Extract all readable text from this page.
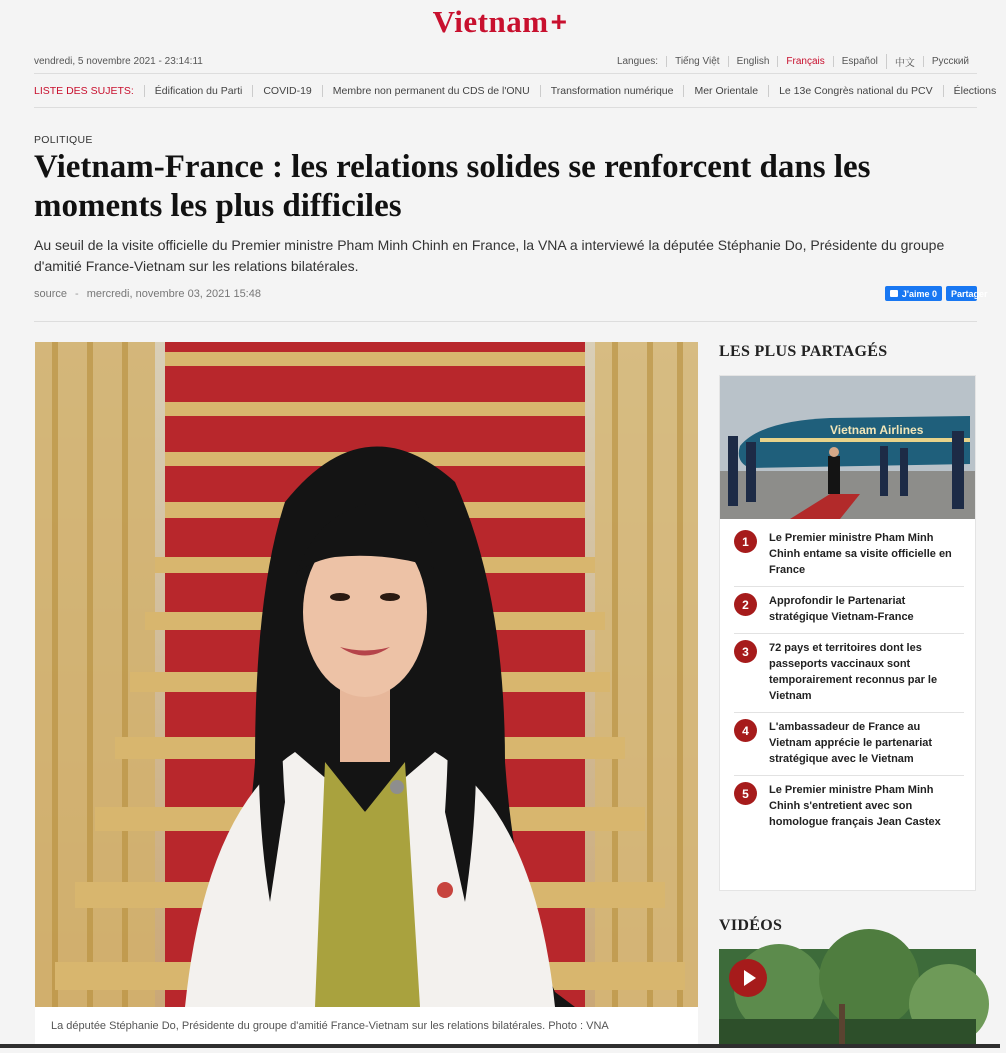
Vietnam +
vendredi, 5 novembre 2021 - 23:14:11	Langues:	Tiếng Việt	English	Français	Español	中文	Русский
LISTE DES SUJETS:	Édification du Parti	COVID-19	Membre non permanent du CDS de l'ONU	Transformation numérique	Mer Orientale	Le 13e Congrès national du PCV	Élections
POLITIQUE
Vietnam-France : les relations solides se renforcent dans les moments les plus difficiles
Au seuil de la visite officielle du Premier ministre Pham Minh Chinh en France, la VNA a interviewé la députée Stéphanie Do, Présidente du groupe d'amitié France-Vietnam sur les relations bilatérales.
source - mercredi, novembre 03, 2021 15:48	J'aime 0 Partager
La députée Stéphanie Do, Présidente du groupe d'amitié France-Vietnam sur les relations bilatérales. Photo : VNA
LES PLUS PARTAGÉS
Vietnam Airlines
1	Le Premier ministre Pham Minh Chinh entame sa visite officielle en France
2	Approfondir le Partenariat stratégique Vietnam-France
3	72 pays et territoires dont les passeports vaccinaux sont temporairement reconnus par le Vietnam
4	L'ambassadeur de France au Vietnam apprécie le partenariat stratégique avec le Vietnam
5	Le Premier ministre Pham Minh Chinh s'entretient avec son homologue français Jean Castex
VIDÉOS
